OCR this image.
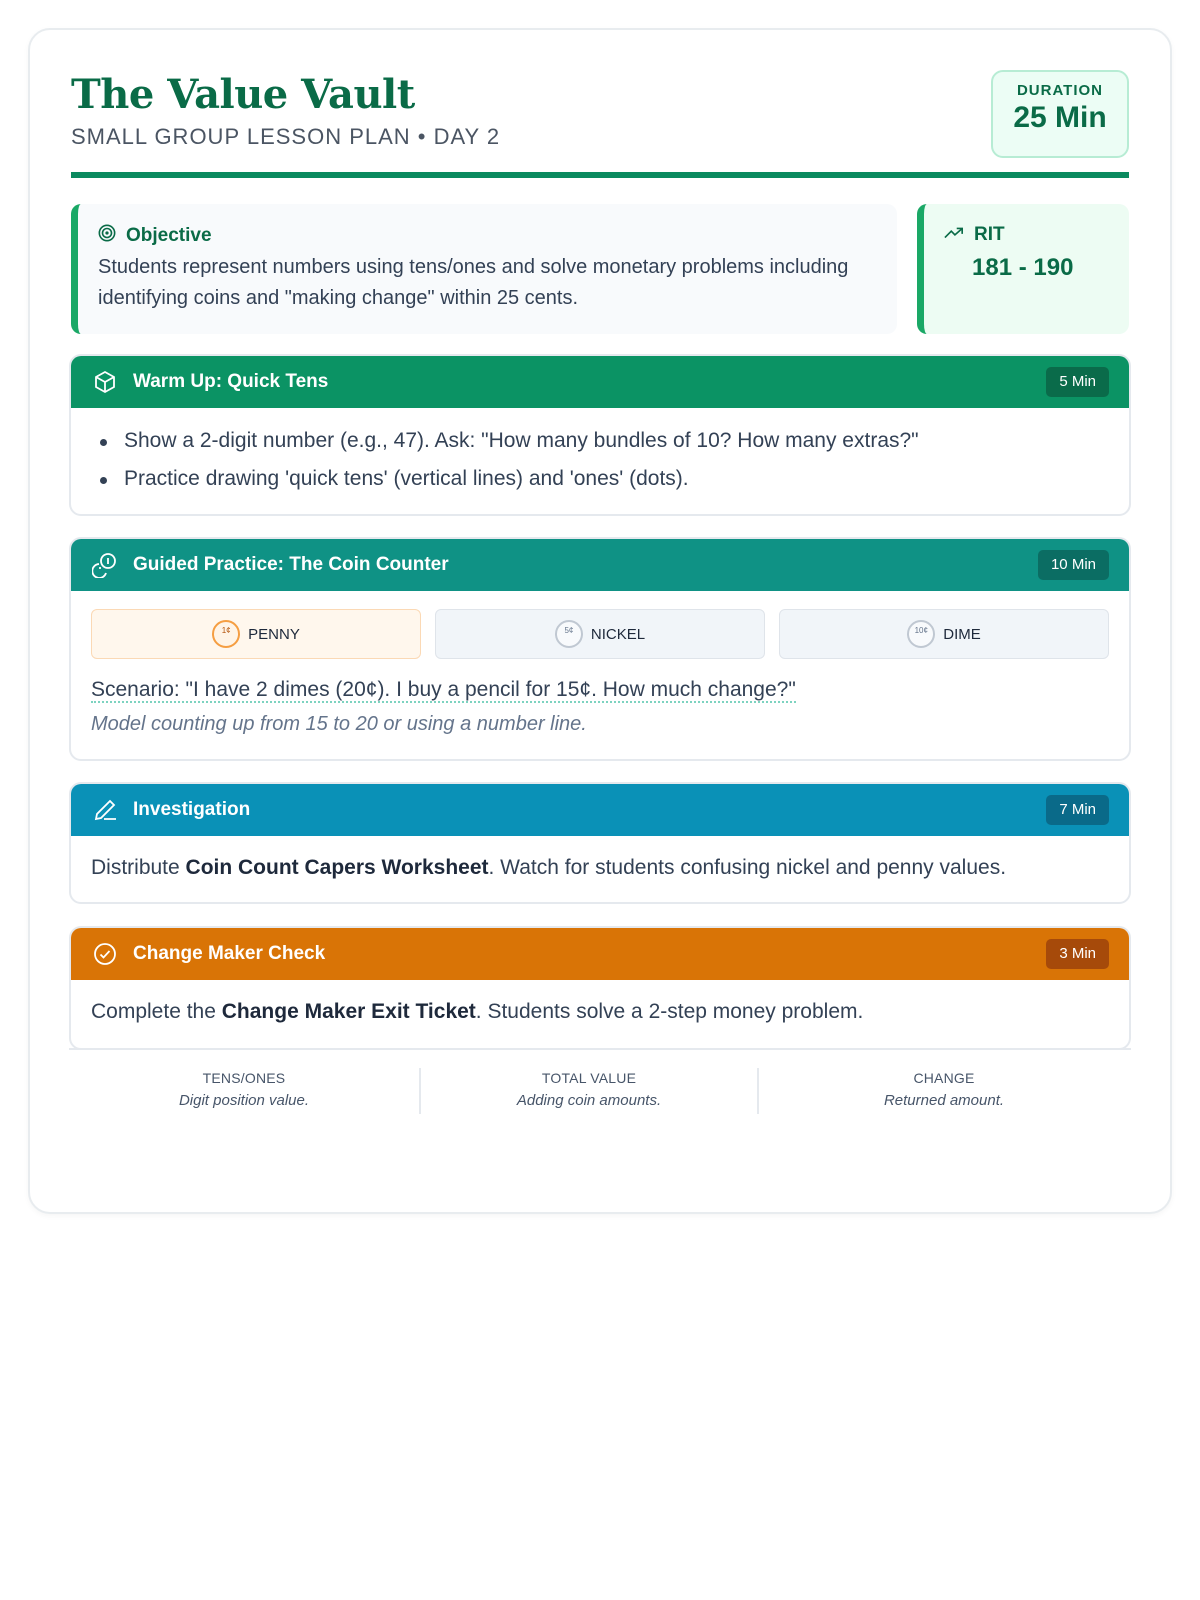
The Value Vault
SMALL GROUP LESSON PLAN • DAY 2
DURATION
25 Min
Objective
Students represent numbers using tens/ones and solve monetary problems including identifying coins and "making change" within 25 cents.
RIT
181 - 190
Warm Up: Quick Tens	5 Min
Show a 2-digit number (e.g., 47). Ask: "How many bundles of 10? How many extras?"
Practice drawing 'quick tens' (vertical lines) and 'ones' (dots).
Guided Practice: The Coin Counter	10 Min
1¢	PENNY	5¢	NICKEL	10¢	DIME
Scenario: "I have 2 dimes (20¢). I buy a pencil for 15¢. How much change?"
Model counting up from 15 to 20 or using a number line.
Investigation	7 Min
Distribute Coin Count Capers Worksheet. Watch for students confusing nickel and penny values.
Change Maker Check	3 Min
Complete the Change Maker Exit Ticket. Students solve a 2-step money problem.
TENS/ONES
Digit position value.
TOTAL VALUE
Adding coin amounts.
CHANGE
Returned amount.
